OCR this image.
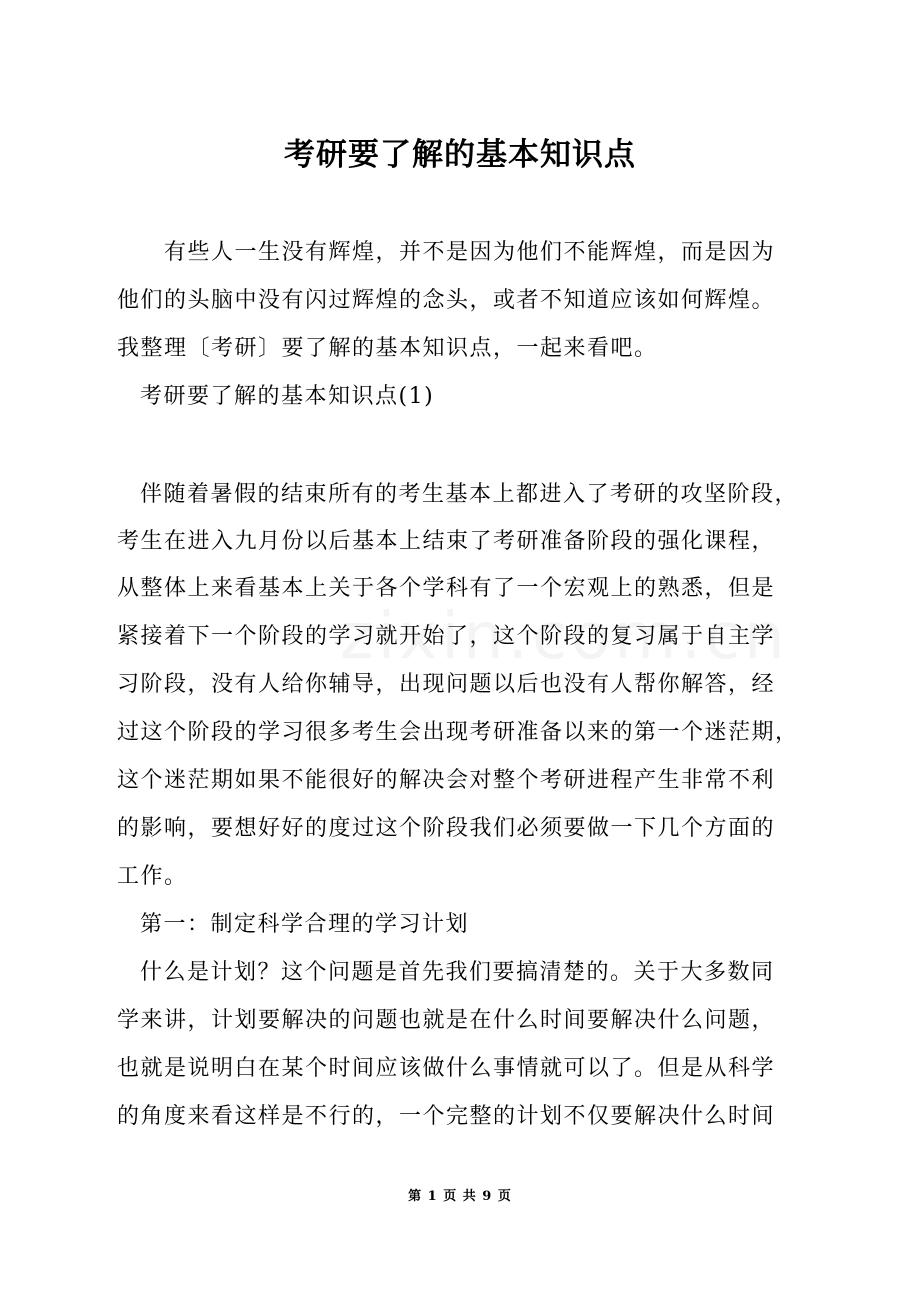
考研要了解的基本知识点
有些人一生没有辉煌，并不是因为他们不能辉煌，而是因为
他们的头脑中没有闪过辉煌的念头，或者不知道应该如何辉煌。
我整理〔考研〕要了解的基本知识点，一起来看吧。
考研要了解的基本知识点(1)
伴随着暑假的结束所有的考生基本上都进入了考研的攻坚阶段，
考生在进入九月份以后基本上结束了考研准备阶段的强化课程，
从整体上来看基本上关于各个学科有了一个宏观上的熟悉，但是
紧接着下一个阶段的学习就开始了，这个阶段的复习属于自主学
习阶段，没有人给你辅导，出现问题以后也没有人帮你解答，经
过这个阶段的学习很多考生会出现考研准备以来的第一个迷茫期，
这个迷茫期如果不能很好的解决会对整个考研进程产生非常不利
的影响，要想好好的度过这个阶段我们必须要做一下几个方面的
工作。
第一：制定科学合理的学习计划
什么是计划？这个问题是首先我们要搞清楚的。关于大多数同
学来讲，计划要解决的问题也就是在什么时间要解决什么问题，
也就是说明白在某个时间应该做什么事情就可以了。但是从科学
的角度来看这样是不行的，一个完整的计划不仅要解决什么时间
第 1 页 共 9 页
